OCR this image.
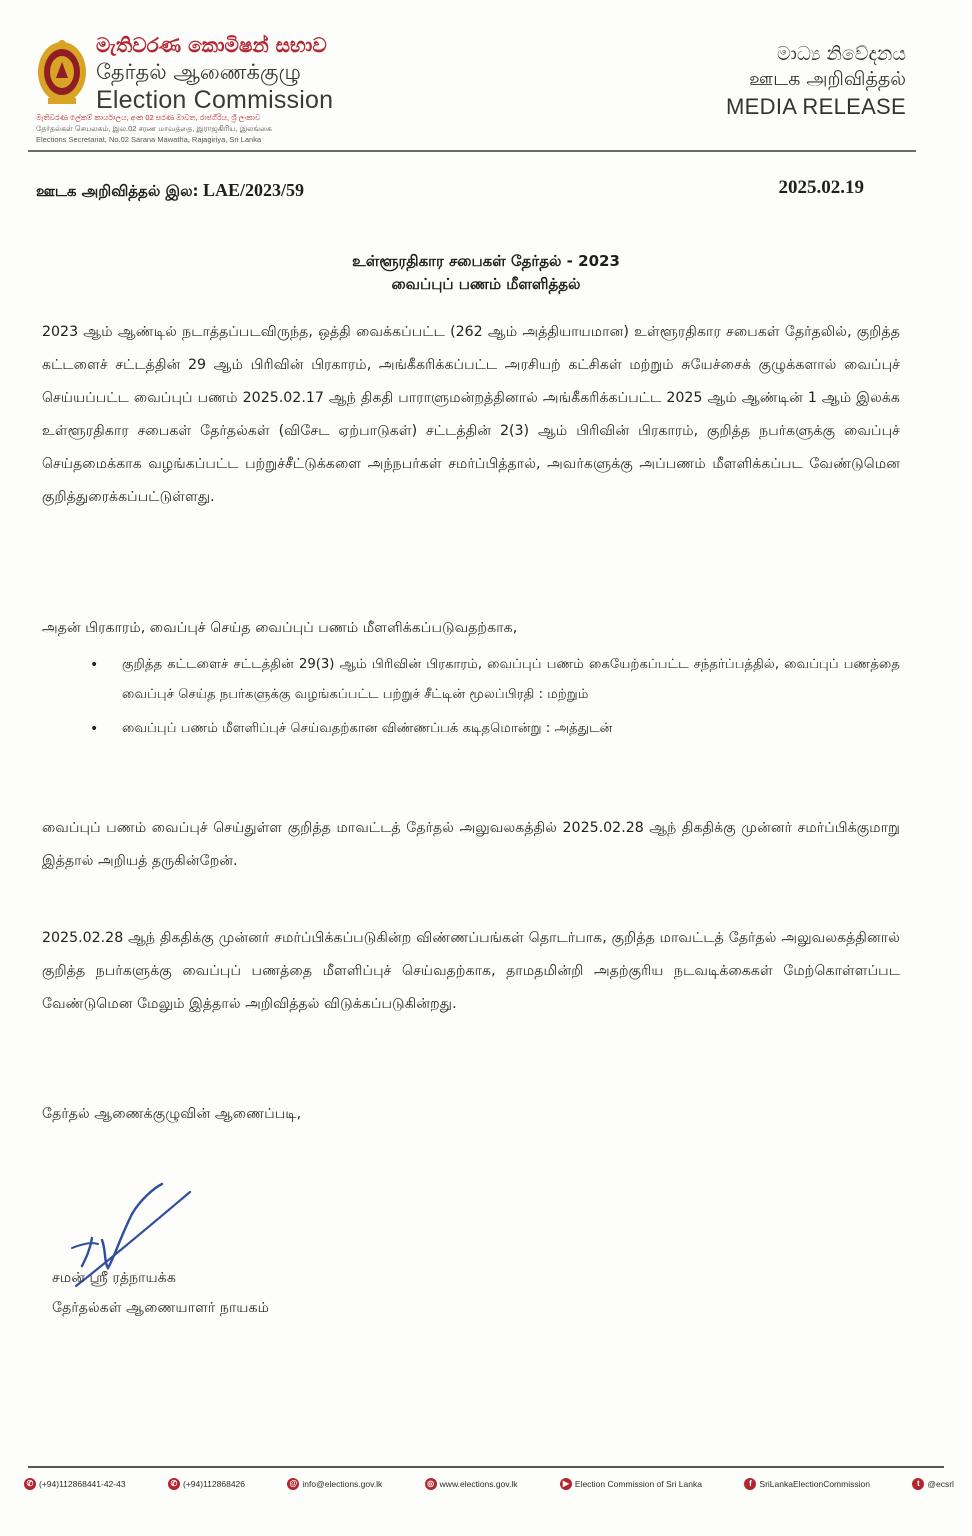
මැතිවරණ කොමිෂන් සභාව
தேர்தல் ஆணைக்குழு
Election Commission
මැතිවරණ ලේකම් කාර්යාලය, අංක 02 සරණ මාවත, රාජගිරිය, ශ්‍රී ලංකාව
தேர்தல்கள் செயலகம், இல.02 சரண மாவத்தை, இராஜகிரிய, இலங்கை
Elections Secretariat, No.02 Sarana Mawatha, Rajagiriya, Sri Lanka
මාධ්‍ය නිවේදනය
ஊடக அறிவித்தல்
MEDIA RELEASE
ஊடக அறிவித்தல் இல: LAE/2023/59	2025.02.19
உள்ளூரதிகார சபைகள் தேர்தல் - 2023
வைப்புப் பணம் மீளளித்தல்

2023 ஆம் ஆண்டில் நடாத்தப்படவிருந்த, ஒத்தி வைக்கப்பட்ட (262 ஆம் அத்தியாயமான) உள்ளூரதிகார சபைகள் தேர்தலில், குறித்த கட்டளைச் சட்டத்தின் 29 ஆம் பிரிவின் பிரகாரம், அங்கீகரிக்கப்பட்ட அரசியற் கட்சிகள் மற்றும் சுயேச்சைக் குழுக்களால் வைப்புச் செய்யப்பட்ட வைப்புப் பணம் 2025.02.17 ஆந் திகதி பாராளுமன்றத்தினால் அங்கீகரிக்கப்பட்ட 2025 ஆம் ஆண்டின் 1 ஆம் இலக்க உள்ளூரதிகார சபைகள் தேர்தல்கள் (விசேட ஏற்பாடுகள்) சட்டத்தின் 2(3) ஆம் பிரிவின் பிரகாரம், குறித்த நபர்களுக்கு வைப்புச் செய்தமைக்காக வழங்கப்பட்ட பற்றுச்சீட்டுக்களை அந்நபர்கள் சமர்ப்பித்தால், அவர்களுக்கு அப்பணம் மீளளிக்கப்பட வேண்டுமென குறித்துரைக்கப்பட்டுள்ளது.

அதன் பிரகாரம், வைப்புச் செய்த வைப்புப் பணம் மீளளிக்கப்படுவதற்காக,

• குறித்த கட்டளைச் சட்டத்தின் 29(3) ஆம் பிரிவின் பிரகாரம், வைப்புப் பணம் கையேற்கப்பட்ட சந்தர்ப்பத்தில், வைப்புப் பணத்தை வைப்புச் செய்த நபர்களுக்கு வழங்கப்பட்ட பற்றுச் சீட்டின் மூலப்பிரதி : மற்றும்
• வைப்புப் பணம் மீளளிப்புச் செய்வதற்கான விண்ணப்பக் கடிதமொன்று : அத்துடன்

வைப்புப் பணம் வைப்புச் செய்துள்ள குறித்த மாவட்டத் தேர்தல் அலுவலகத்தில் 2025.02.28 ஆந் திகதிக்கு முன்னர் சமர்ப்பிக்குமாறு இத்தால் அறியத் தருகின்றேன்.

2025.02.28 ஆந் திகதிக்கு முன்னர் சமர்ப்பிக்கப்படுகின்ற விண்ணப்பங்கள் தொடர்பாக, குறித்த மாவட்டத் தேர்தல் அலுவலகத்தினால் குறித்த நபர்களுக்கு வைப்புப் பணத்தை மீளளிப்புச் செய்வதற்காக, தாமதமின்றி அதற்குரிய நடவடிக்கைகள் மேற்கொள்ளப்பட வேண்டுமென மேலும் இத்தால் அறிவித்தல் விடுக்கப்படுகின்றது.

தேர்தல் ஆணைக்குழுவின் ஆணைப்படி,

சமன் ஸ்ரீ ரத்நாயக்க
தேர்தல்கள் ஆணையாளர் நாயகம்
✆ (+94)112868441-42-43	✆ (+94)112868426	@ info@elections.gov.lk	◎ www.elections.gov.lk	▶ Election Commission of Sri Lanka	f SriLankaElectionCommission	t @ecsrl
